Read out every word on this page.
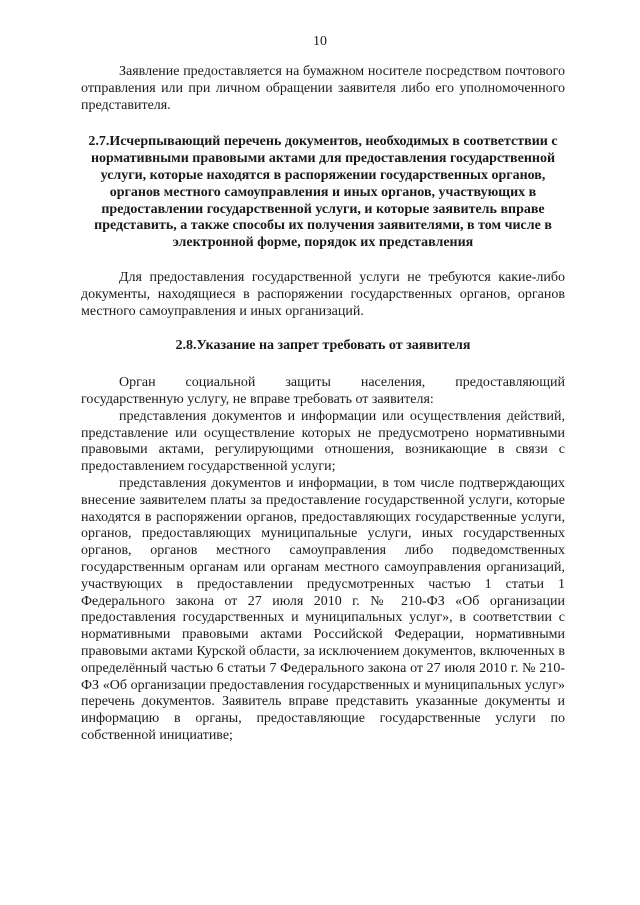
10

Заявление предоставляется на бумажном носителе посредством почтового отправления или при личном обращении заявителя либо его уполномоченного представителя.

2.7.Исчерпывающий перечень документов, необходимых в соответствии с нормативными правовыми актами для предоставления государственной услуги, которые находятся в распоряжении государственных органов, органов местного самоуправления и иных органов, участвующих в предоставлении государственной услуги, и которые заявитель вправе представить, а также способы их получения заявителями, в том числе в электронной форме, порядок их представления

Для предоставления государственной услуги не требуются какие-либо документы, находящиеся в распоряжении государственных органов, органов местного самоуправления и иных организаций.

2.8.Указание на запрет требовать от заявителя

Орган социальной защиты населения, предоставляющий государственную услугу, не вправе требовать от заявителя:

представления документов и информации или осуществления действий, представление или осуществление которых не предусмотрено нормативными правовыми актами, регулирующими отношения, возникающие в связи с предоставлением государственной услуги;

представления документов и информации, в том числе подтверждающих внесение заявителем платы за предоставление государственной услуги, которые находятся в распоряжении органов, предоставляющих государственные услуги, органов, предоставляющих муниципальные услуги, иных государственных органов, органов местного самоуправления либо подведомственных государственным органам или органам местного самоуправления организаций, участвующих в предоставлении предусмотренных частью 1 статьи 1 Федерального закона от 27 июля 2010 г. № 210-ФЗ «Об организации предоставления государственных и муниципальных услуг», в соответствии с нормативными правовыми актами Российской Федерации, нормативными правовыми актами Курской области, за исключением документов, включенных в определённый частью 6 статьи 7 Федерального закона от 27 июля 2010 г. № 210-ФЗ «Об организации предоставления государственных и муниципальных услуг» перечень документов. Заявитель вправе представить указанные документы и информацию в органы, предоставляющие государственные услуги по собственной инициативе;
